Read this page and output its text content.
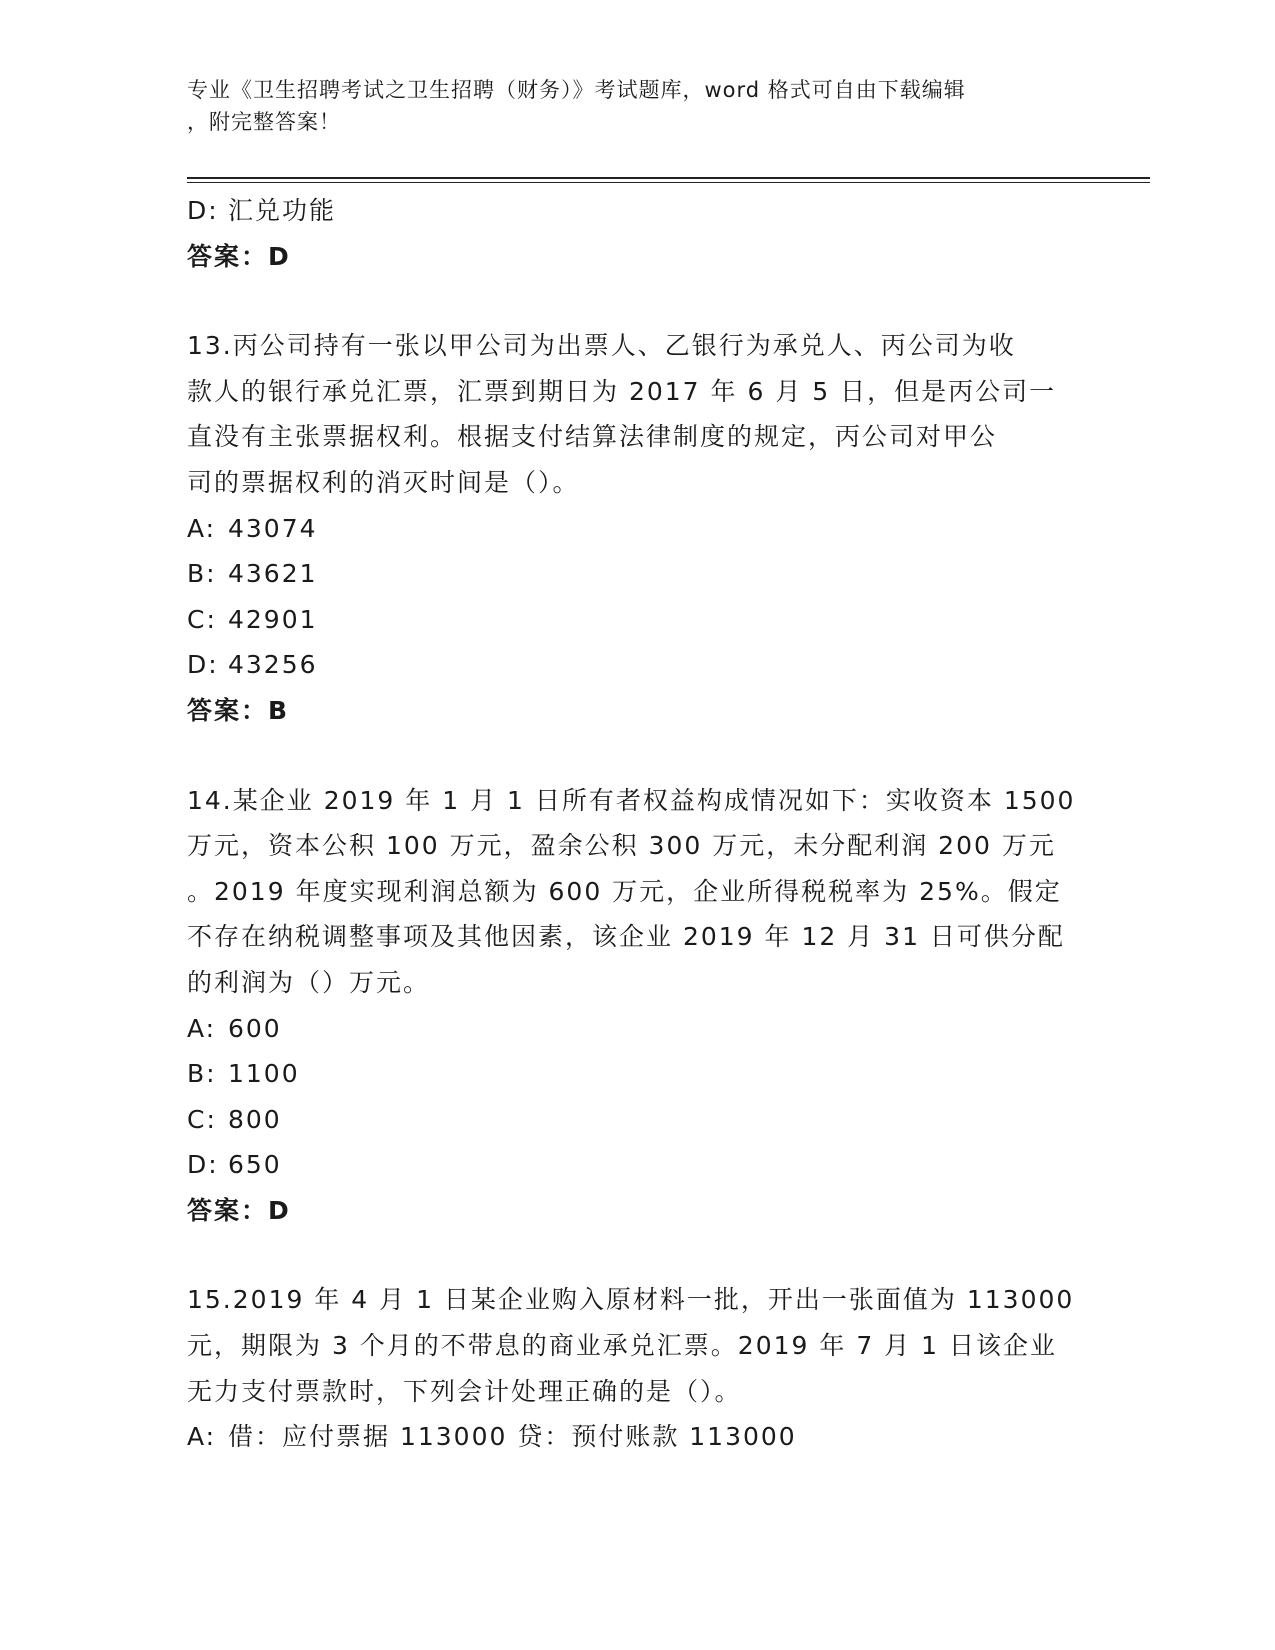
专业《卫生招聘考试之卫生招聘（财务）》考试题库，word 格式可自由下载编辑
，附完整答案！
D: 汇兑功能
答案：D
13.丙公司持有一张以甲公司为出票人、乙银行为承兑人、丙公司为收
款人的银行承兑汇票，汇票到期日为 2017 年 6 月 5 日，但是丙公司一
直没有主张票据权利。根据支付结算法律制度的规定，丙公司对甲公
司的票据权利的消灭时间是（）。
A: 43074
B: 43621
C: 42901
D: 43256
答案：B
14.某企业 2019 年 1 月 1 日所有者权益构成情况如下：实收资本 1500
万元，资本公积 100 万元，盈余公积 300 万元，未分配利润 200 万元
。2019 年度实现利润总额为 600 万元，企业所得税税率为 25%。假定
不存在纳税调整事项及其他因素，该企业 2019 年 12 月 31 日可供分配
的利润为（）万元。
A: 600
B: 1100
C: 800
D: 650
答案：D
15.2019 年 4 月 1 日某企业购入原材料一批，开出一张面值为 113000
元，期限为 3 个月的不带息的商业承兑汇票。2019 年 7 月 1 日该企业
无力支付票款时，下列会计处理正确的是（）。
A: 借：应付票据 113000 贷：预付账款 113000
